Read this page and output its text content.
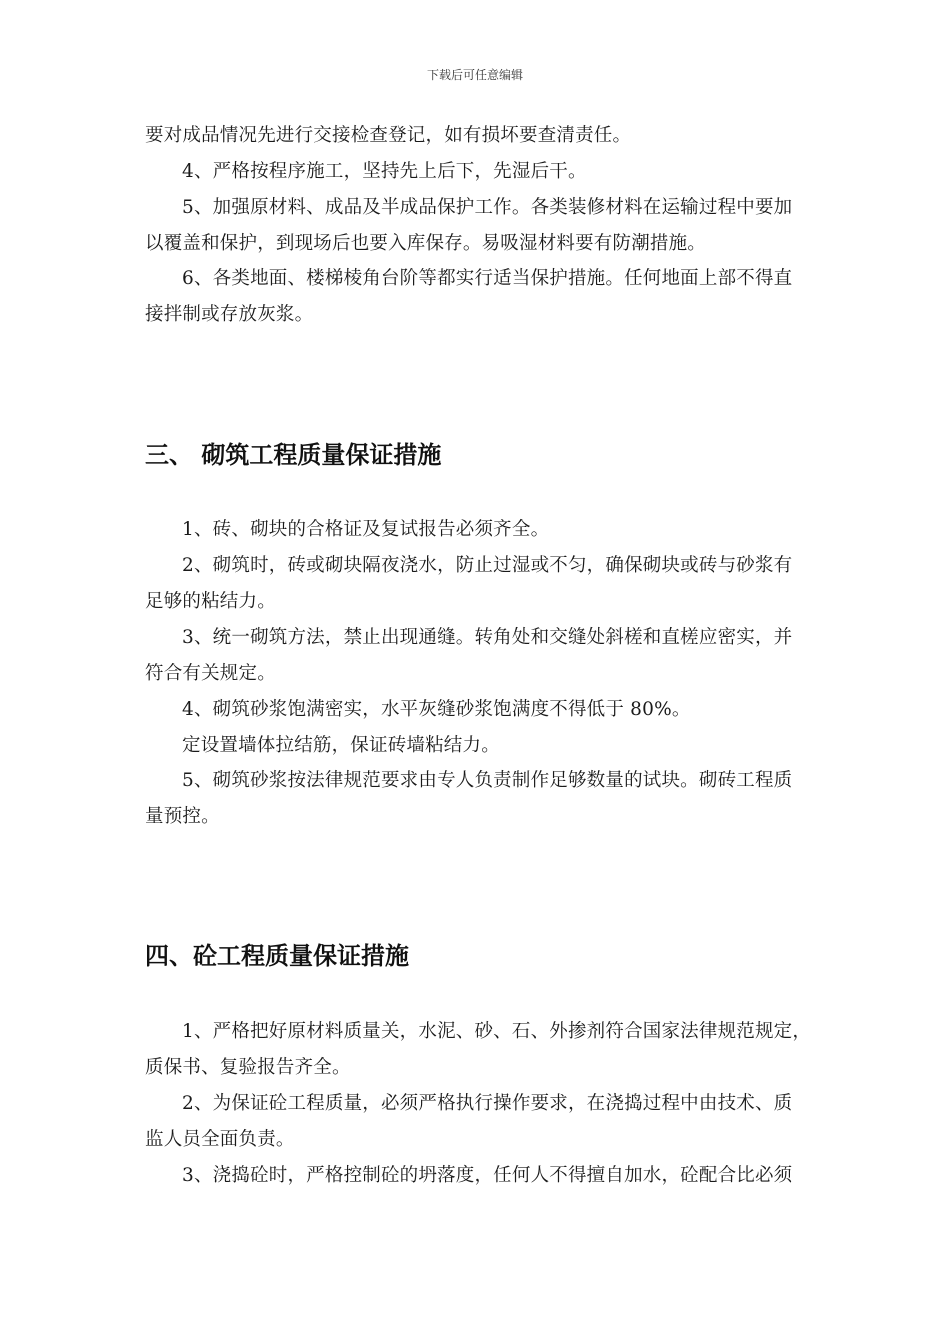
下载后可任意编辑
要对成品情况先进行交接检查登记，如有损坏要查清责任。
4、严格按程序施工，坚持先上后下，先湿后干。
5、加强原材料、成品及半成品保护工作。各类装修材料在运输过程中要加
以覆盖和保护，到现场后也要入库保存。易吸湿材料要有防潮措施。
6、各类地面、楼梯棱角台阶等都实行适当保护措施。任何地面上部不得直
接拌制或存放灰浆。
三、 砌筑工程质量保证措施
1、砖、砌块的合格证及复试报告必须齐全。
2、砌筑时，砖或砌块隔夜浇水，防止过湿或不匀，确保砌块或砖与砂浆有
足够的粘结力。
3、统一砌筑方法，禁止出现通缝。转角处和交缝处斜槎和直槎应密实，并
符合有关规定。
4、砌筑砂浆饱满密实，水平灰缝砂浆饱满度不得低于 80%。
定设置墙体拉结筋，保证砖墙粘结力。
5、砌筑砂浆按法律规范要求由专人负责制作足够数量的试块。砌砖工程质
量预控。
四、砼工程质量保证措施
1、严格把好原材料质量关，水泥、砂、石、外掺剂符合国家法律规范规定，
质保书、复验报告齐全。
2、为保证砼工程质量，必须严格执行操作要求，在浇捣过程中由技术、质
监人员全面负责。
3、浇捣砼时，严格控制砼的坍落度，任何人不得擅自加水，砼配合比必须
